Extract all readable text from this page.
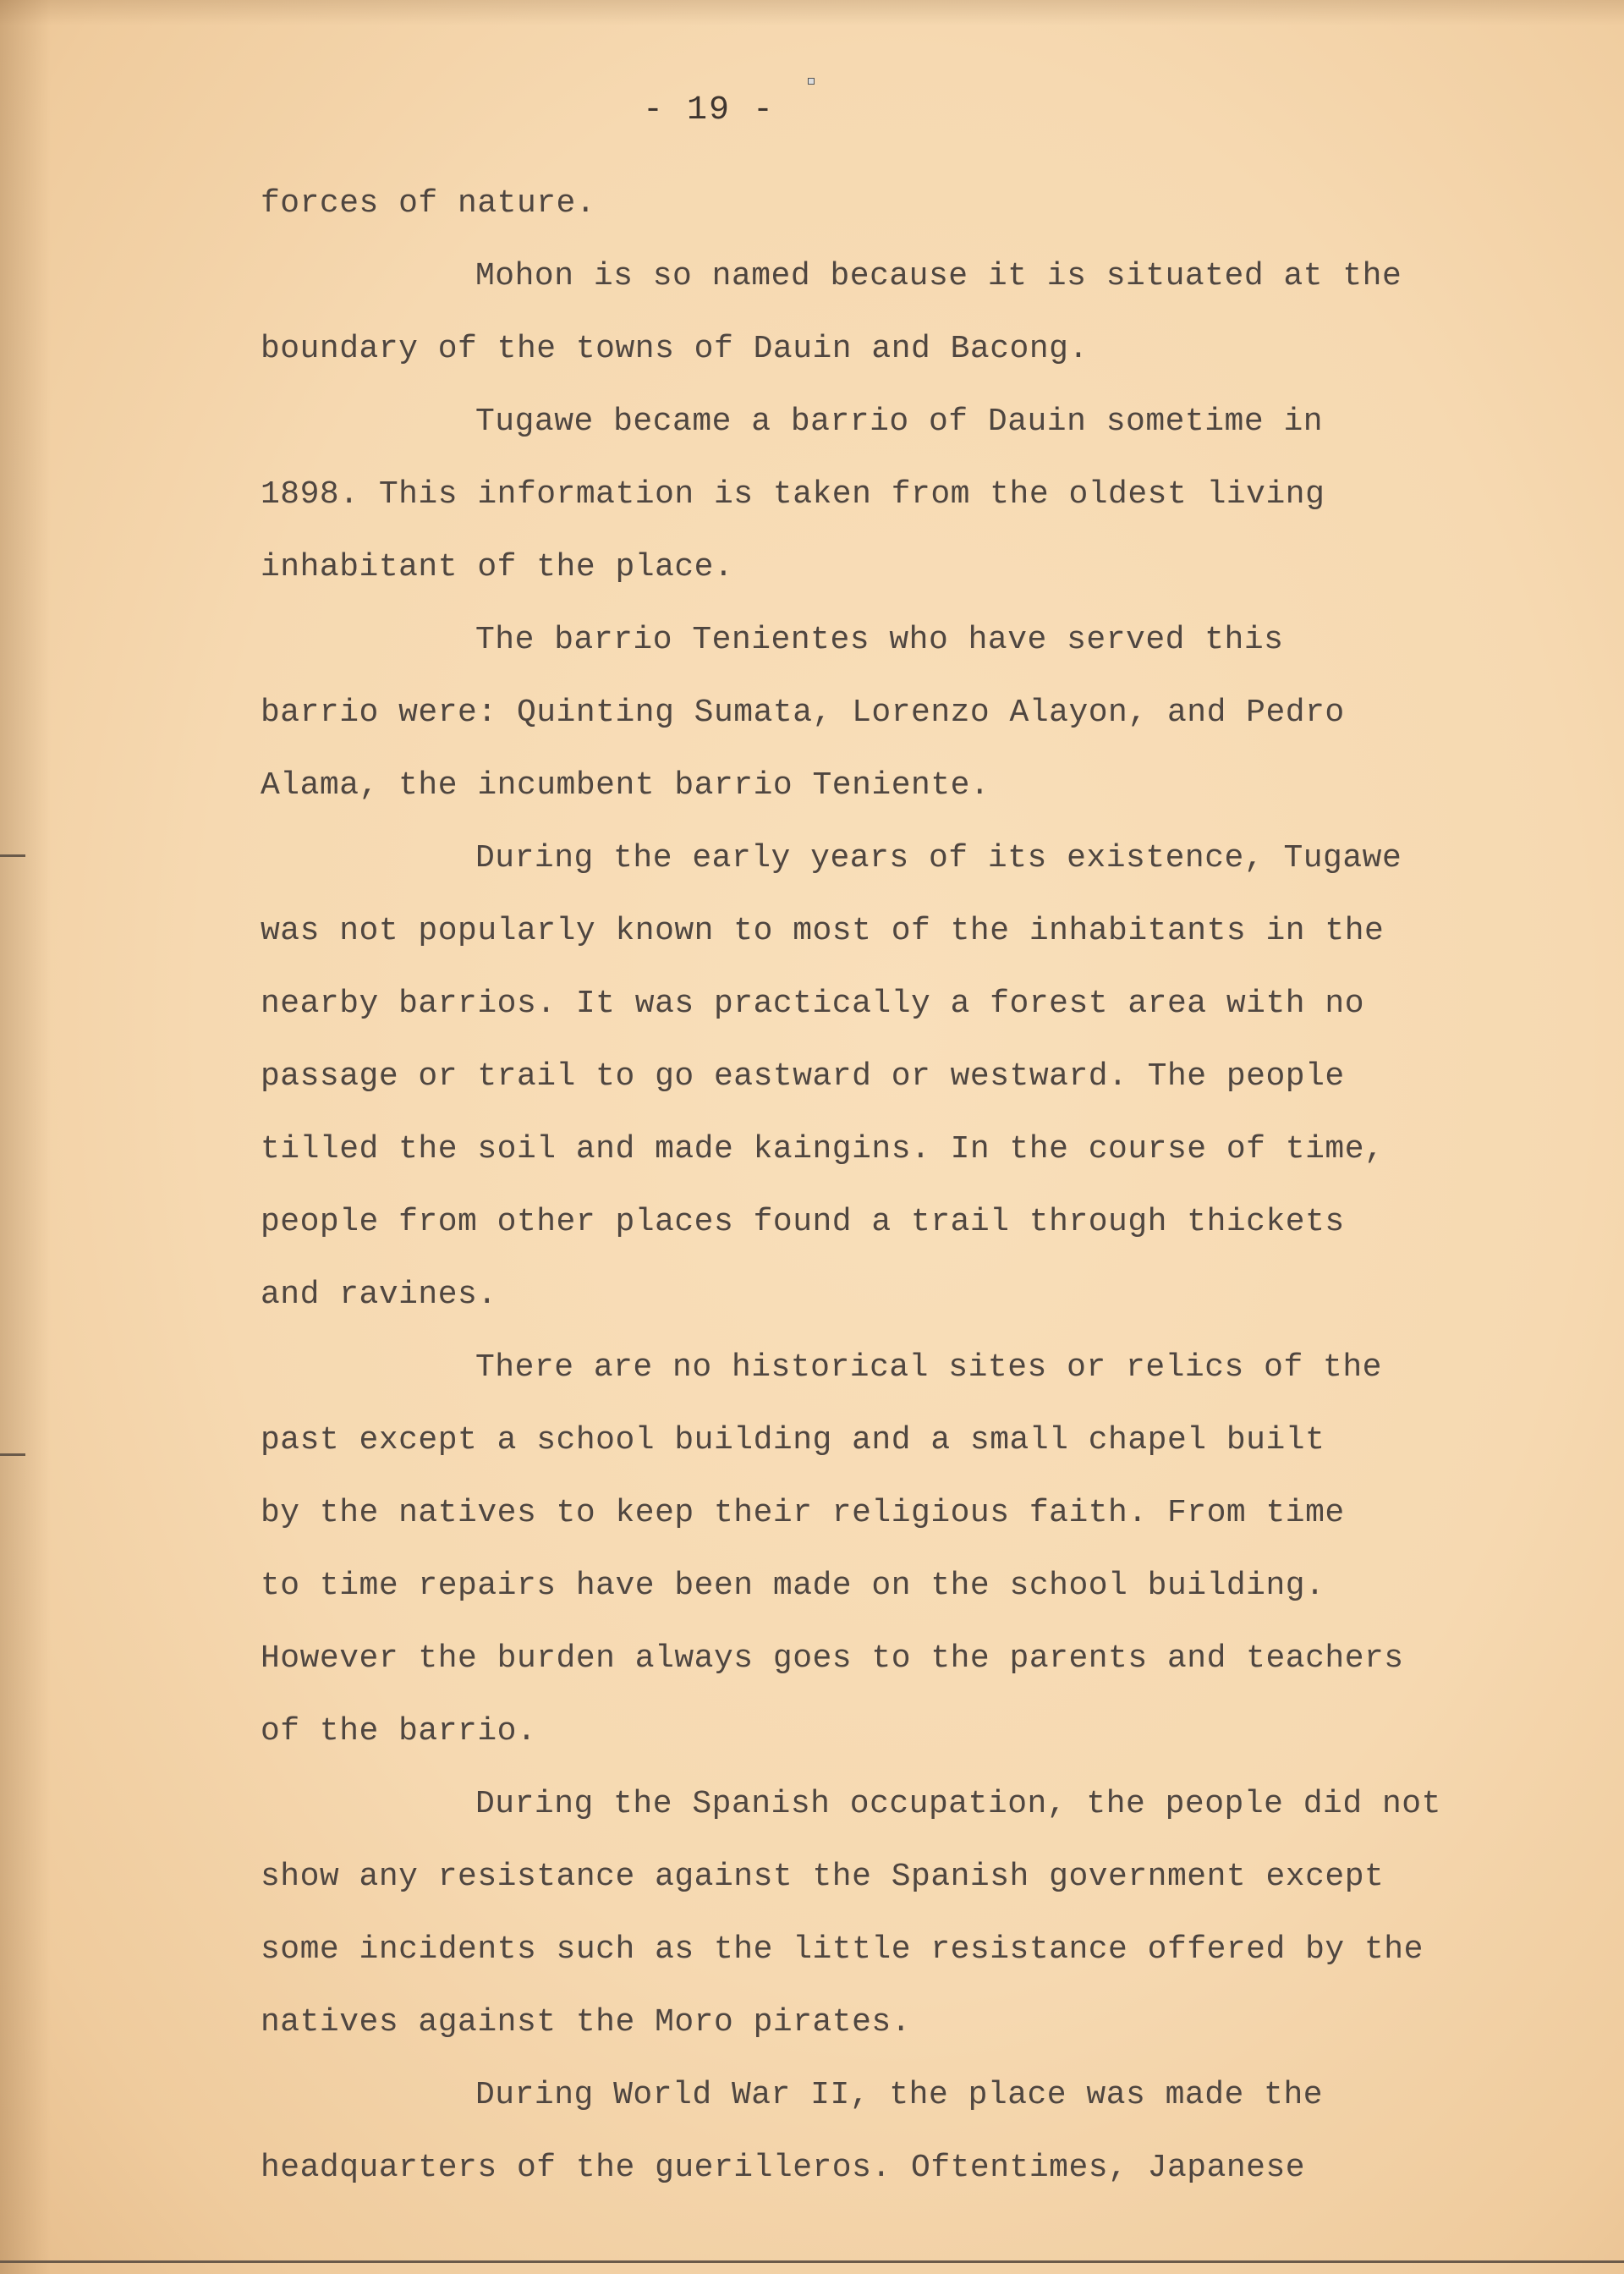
- 19 -
forces of nature.
Mohon is so named because it is situated at the
boundary of the towns of Dauin and Bacong.
Tugawe became a barrio of Dauin sometime in
1898. This information is taken from the oldest living
inhabitant of the place.
The barrio Tenientes who have served this
barrio were: Quinting Sumata, Lorenzo Alayon, and Pedro
Alama, the incumbent barrio Teniente.
During the early years of its existence, Tugawe
was not popularly known to most of the inhabitants in the
nearby barrios. It was practically a forest area with no
passage or trail to go eastward or westward. The people
tilled the soil and made kaingins. In the course of time,
people from other places found a trail through thickets
and ravines.
There are no historical sites or relics of the
past except a school building and a small chapel built
by the natives to keep their religious faith. From time
to time repairs have been made on the school building.
However the burden always goes to the parents and teachers
of the barrio.
During the Spanish occupation, the people did not
show any resistance against the Spanish government except
some incidents such as the little resistance offered by the
natives against the Moro pirates.
During World War II, the place was made the
headquarters of the guerilleros. Oftentimes, Japanese
